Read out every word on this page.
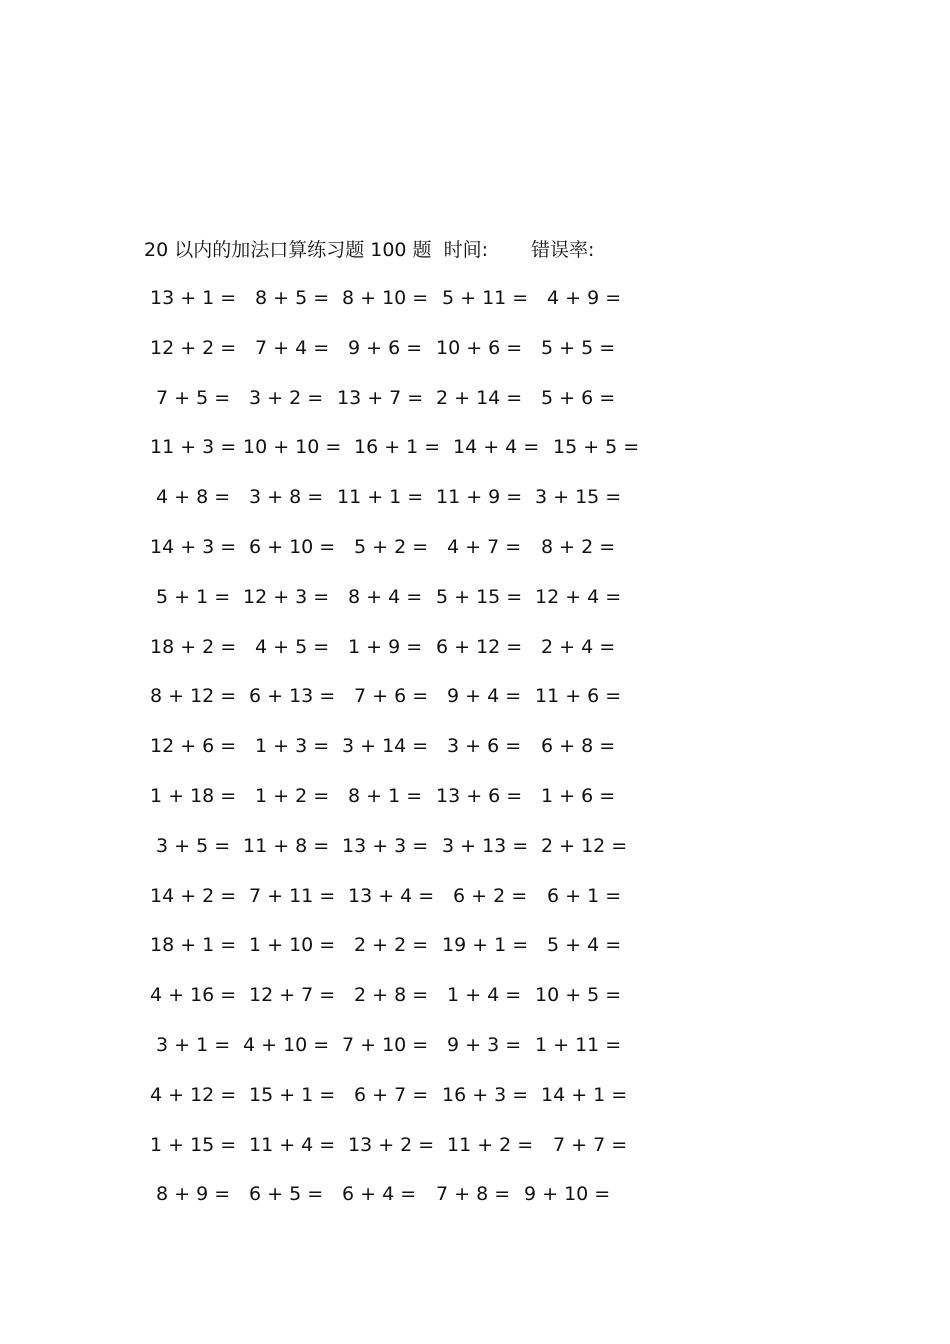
20 以内的加法口算练习题 100 题 时间: 错误率:
13 + 1 = 8 + 5 = 8 + 10 = 5 + 11 = 4 + 9 =
12 + 2 = 7 + 4 = 9 + 6 = 10 + 6 = 5 + 5 =
7 + 5 = 3 + 2 = 13 + 7 = 2 + 14 = 5 + 6 =
11 + 3 = 10 + 10 = 16 + 1 = 14 + 4 = 15 + 5 =
4 + 8 = 3 + 8 = 11 + 1 = 11 + 9 = 3 + 15 =
14 + 3 = 6 + 10 = 5 + 2 = 4 + 7 = 8 + 2 =
5 + 1 = 12 + 3 = 8 + 4 = 5 + 15 = 12 + 4 =
18 + 2 = 4 + 5 = 1 + 9 = 6 + 12 = 2 + 4 =
8 + 12 = 6 + 13 = 7 + 6 = 9 + 4 = 11 + 6 =
12 + 6 = 1 + 3 = 3 + 14 = 3 + 6 = 6 + 8 =
1 + 18 = 1 + 2 = 8 + 1 = 13 + 6 = 1 + 6 =
3 + 5 = 11 + 8 = 13 + 3 = 3 + 13 = 2 + 12 =
14 + 2 = 7 + 11 = 13 + 4 = 6 + 2 = 6 + 1 =
18 + 1 = 1 + 10 = 2 + 2 = 19 + 1 = 5 + 4 =
4 + 16 = 12 + 7 = 2 + 8 = 1 + 4 = 10 + 5 =
3 + 1 = 4 + 10 = 7 + 10 = 9 + 3 = 1 + 11 =
4 + 12 = 15 + 1 = 6 + 7 = 16 + 3 = 14 + 1 =
1 + 15 = 11 + 4 = 13 + 2 = 11 + 2 = 7 + 7 =
8 + 9 = 6 + 5 = 6 + 4 = 7 + 8 = 9 + 10 =
